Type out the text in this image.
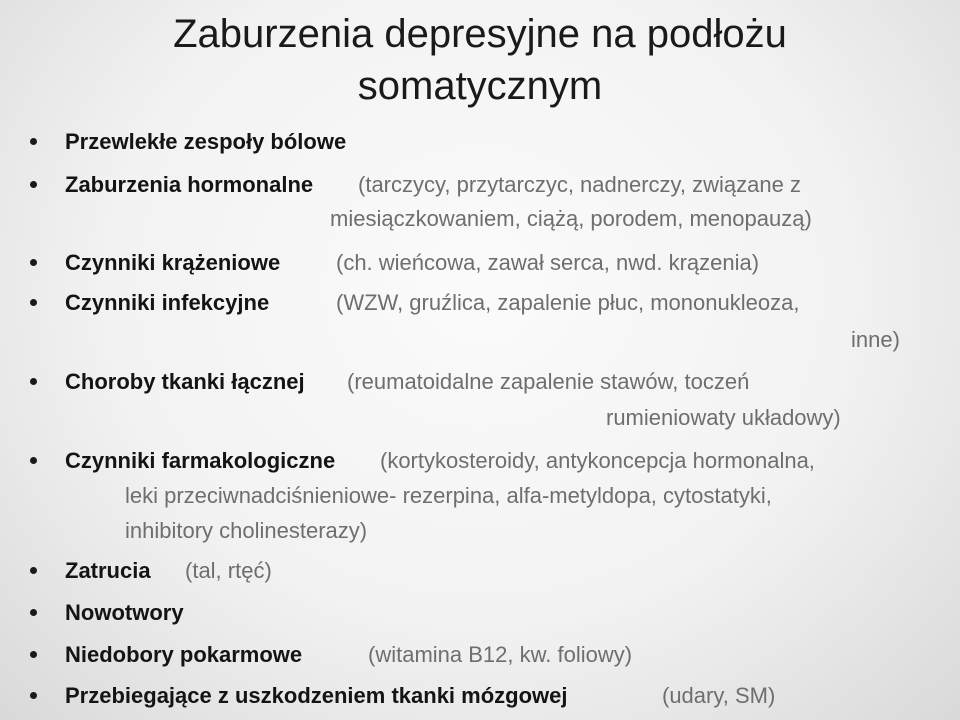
Zaburzenia depresyjne na podłożu
somatycznym
Przewlekłe zespoły bólowe
Zaburzenia hormonalne (tarczycy, przytarczyc, nadnerczy, związane z
miesiączkowaniem, ciążą, porodem, menopauzą)
Czynniki krążeniowe	(ch. wieńcowa, zawał serca, nwd. krązenia)
Czynniki infekcyjne	(WZW, gruźlica, zapalenie płuc, mononukleoza,
inne)
Choroby tkanki łącznej (reumatoidalne zapalenie stawów, toczeń
rumieniowaty układowy)
Czynniki farmakologiczne (kortykosteroidy, antykoncepcja hormonalna,
leki przeciwnadciśnieniowe- rezerpina, alfa-metyldopa, cytostatyki,
inhibitory cholinesterazy)
Zatrucia (tal, rtęć)
Nowotwory
Niedobory pokarmowe	(witamina B12, kw. foliowy)
Przebiegające z uszkodzeniem tkanki mózgowej	(udary, SM)
